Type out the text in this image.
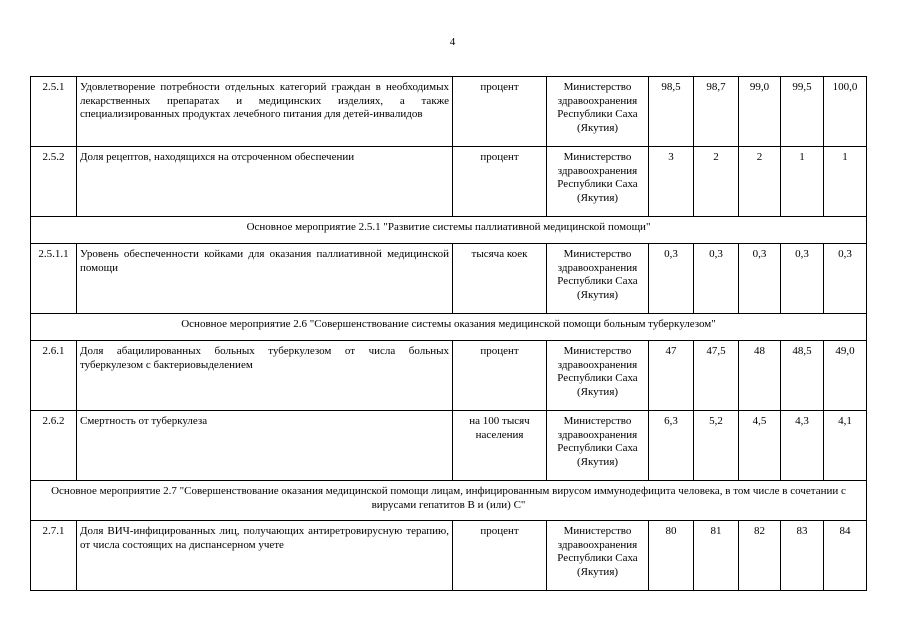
4
2.5.1	Удовлетворение потребности отдельных категорий граждан в необходимых лекарственных препаратах и медицинских изделиях, а также специализированных продуктах лечебного питания для детей-инвалидов	процент	Министерство здравоохранения Республики Саха (Якутия)	98,5	98,7	99,0	99,5	100,0
2.5.2	Доля рецептов, находящихся на отсроченном обеспечении	процент	Министерство здравоохранения Республики Саха (Якутия)	3	2	2	1	1
Основное мероприятие 2.5.1 "Развитие системы паллиативной медицинской помощи"								
2.5.1.1	Уровень обеспеченности койками для оказания паллиативной медицинской помощи	тысяча коек	Министерство здравоохранения Республики Саха (Якутия)	0,3	0,3	0,3	0,3	0,3
Основное мероприятие 2.6 "Совершенствование системы оказания медицинской помощи больным туберкулезом"								
2.6.1	Доля абацилированных больных туберкулезом от числа больных туберкулезом с бактериовыделением	процент	Министерство здравоохранения Республики Саха (Якутия)	47	47,5	48	48,5	49,0
2.6.2	Смертность от туберкулеза	на 100 тысяч населения	Министерство здравоохранения Республики Саха (Якутия)	6,3	5,2	4,5	4,3	4,1
Основное мероприятие 2.7 "Совершенствование оказания медицинской помощи лицам, инфицированным вирусом иммунодефицита человека, в том числе в сочетании с вирусами гепатитов B и (или) C"								
2.7.1	Доля ВИЧ-инфицированных лиц, получающих антиретровирусную терапию, от числа состоящих на диспансерном учете	процент	Министерство здравоохранения Республики Саха (Якутия)	80	81	82	83	84
